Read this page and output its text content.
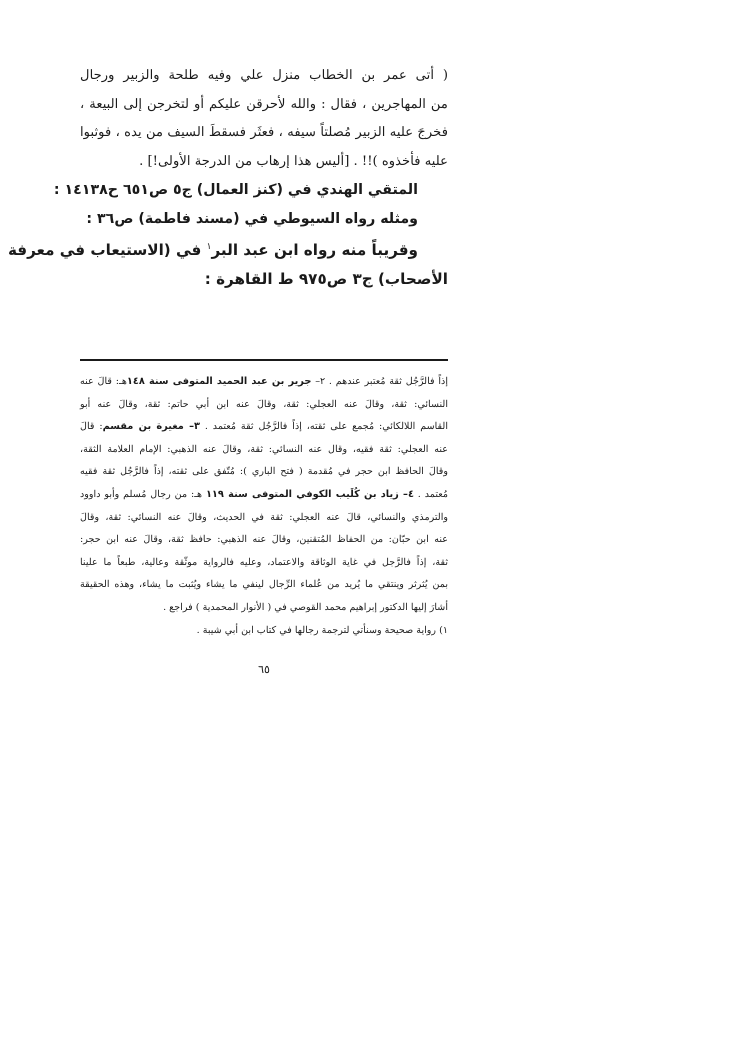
( أتى عمر بن الخطاب منزل علي وفيه طلحة والزبير ورجال
من المهاجرين ، فقال : والله لأحرقن عليكم أو لتخرجن إلى البيعة ،
فخرجَ عليه الزبير مُصلتاً سيفه ، فعثَر فسقطَ السيف من يده ، فوثبوا
عليه فأخذوه )!! . [أليس هذا إرهاب من الدرجة الأولى!] .
المتقي الهندي في (كنز العمال) ج٥ ص٦٥١ ح١٤١٣٨ :
ومثله رواه السيوطي في (مسند فاطمة) ص٣٦ :
وقريباً منه رواه ابن عبد البر$^١$ في (الاستيعاب في معرفة
الأصحاب) ج٣ ص٩٧٥ ط القاهرة :
إذاً فالرَّجُل ثقة مُعتبر عندهم . ٢– جرير بن عبد الحميد المتوفى سنة ١٤٨هـ: قالَ عنه
النسائي: ثقة، وقالَ عنه العجلي: ثقة، وقالَ عنه ابن أبي حاتم: ثقة، وقالَ عنه أبو
القاسم اللالكائي: مُجمع على ثقته، إذاً فالرَّجُل ثقة مُعتمد . ٣– مغيرة بن مقسم: قالَ
عنه العجلي: ثقة فقيه، وقال عنه النسائي: ثقة، وقالَ عنه الذهبي: الإمام العلامة الثقة،
وقالَ الحافظ ابن حجر في مُقدمة ( فتح الباري ): مُتّفق على ثقته، إذاً فالرَّجُل ثقة فقيه
مُعتمد . ٤– زياد بن كُلَيب الكوفي المتوفى سنة ١١٩ هـ: من رجال مُسلم وأبو داوود
والترمذي والنسائي، قالَ عنه العجلي: ثقة في الحديث، وقالَ عنه النسائي: ثقة، وقالَ
عنه ابن حبّان: من الحفاظ المُتقنين، وقالَ عنه الذهبي: حافظ ثقة، وقالَ عنه ابن حجر:
ثقة، إذاً فالرَّجل في غاية الوثاقة والاعتماد، وعليه فالرواية موثّقة وعالية، طبعاً ما علينا
بمن يُثرثر وينتقي ما يُريد من عُلماء الرِّجال لينفي ما يشاء ويُثبت ما يشاء، وهذه الحقيقة
أشارَ إليها الدكتور إبراهيم محمد القوصي في ( الأنوار المحمدية ) فراجع .
١) رواية صحيحة وسنأتي لترجمة رجالها في كتاب ابن أبي شيبة .
٦٥
